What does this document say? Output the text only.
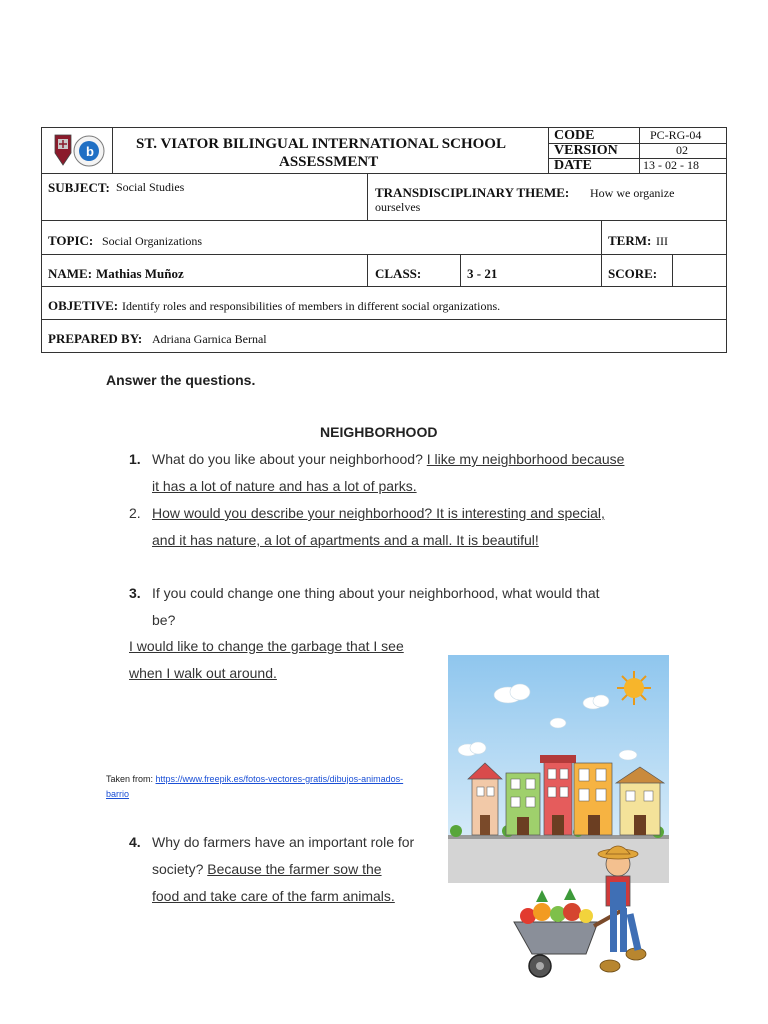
b	ST. VIATOR BILINGUAL INTERNATIONAL SCHOOL
ASSESSMENT
CODE	PC-RG-04
VERSION	02
DATE	13 - 02 - 18
SUBJECT: Social Studies	TRANSDISCIPLINARY THEME: How we organize
ourselves
TOPIC: Social Organizations	TERM: III
NAME: Mathias Muñoz	CLASS:	3 - 21	SCORE:
OBJETIVE: Identify roles and responsibilities of members in different social organizations.
PREPARED BY: Adriana Garnica Bernal
Answer the questions.
NEIGHBORHOOD
1. What do you like about your neighborhood? I like my neighborhood because
it has a lot of nature and has a lot of parks.
2. How would you describe your neighborhood? It is interesting and special,
and it has nature, a lot of apartments and a mall. It is beautiful!
3. If you could change one thing about your neighborhood, what would that
be?
I would like to change the garbage that I see
when I walk out around.
Taken from: https://www.freepik.es/fotos-vectores-gratis/dibujos-animados-
barrio
4. Why do farmers have an important role for
society? Because the farmer sow the
food and take care of the farm animals.
